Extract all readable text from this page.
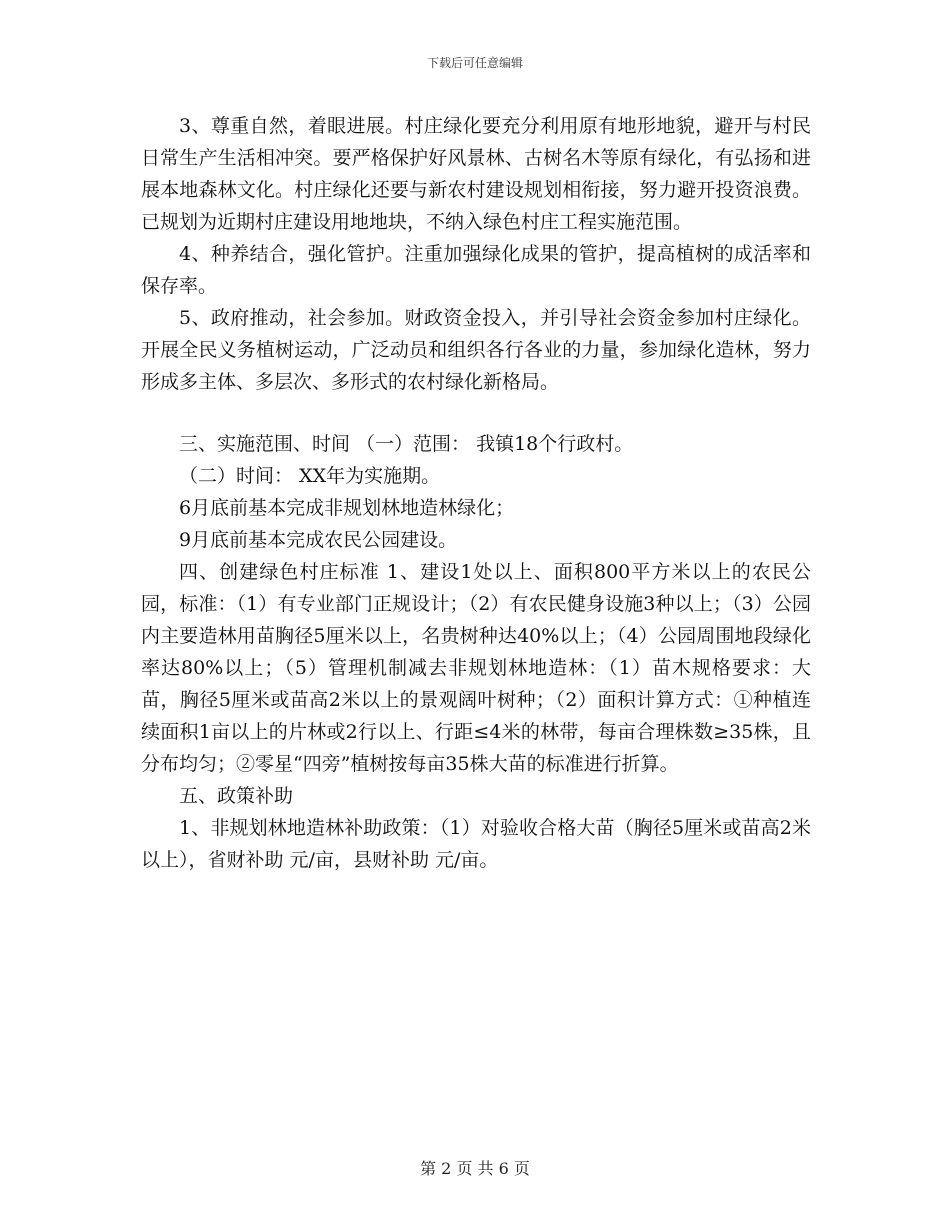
下载后可任意编辑

3、尊重自然，着眼进展。村庄绿化要充分利用原有地形地貌，避开与村民日常生产生活相冲突。要严格保护好风景林、古树名木等原有绿化，有弘扬和进展本地森林文化。村庄绿化还要与新农村建设规划相衔接，努力避开投资浪费。已规划为近期村庄建设用地地块，不纳入绿色村庄工程实施范围。

4、种养结合，强化管护。注重加强绿化成果的管护，提高植树的成活率和保存率。

5、政府推动，社会参加。财政资金投入，并引导社会资金参加村庄绿化。开展全民义务植树运动，广泛动员和组织各行各业的力量，参加绿化造林，努力形成多主体、多层次、多形式的农村绿化新格局。

三、实施范围、时间 （一）范围： 我镇18个行政村。

（二）时间： XX年为实施期。

6月底前基本完成非规划林地造林绿化；

9月底前基本完成农民公园建设。

四、创建绿色村庄标准 1、建设1处以上、面积800平方米以上的农民公园，标准：（1）有专业部门正规设计；（2）有农民健身设施3种以上；（3）公园内主要造林用苗胸径5厘米以上，名贵树种达40%以上；（4）公园周围地段绿化率达80%以上；（5）管理机制减去非规划林地造林：（1）苗木规格要求：大苗，胸径5厘米或苗高2米以上的景观阔叶树种；（2）面积计算方式：①种植连续面积1亩以上的片林或2行以上、行距≤4米的林带，每亩合理株数≥35株，且分布均匀；②零星“四旁”植树按每亩35株大苗的标准进行折算。

五、政策补助

1、非规划林地造林补助政策：（1）对验收合格大苗（胸径5厘米或苗高2米以上），省财补助 元/亩，县财补助 元/亩。

第 2 页 共 6 页
